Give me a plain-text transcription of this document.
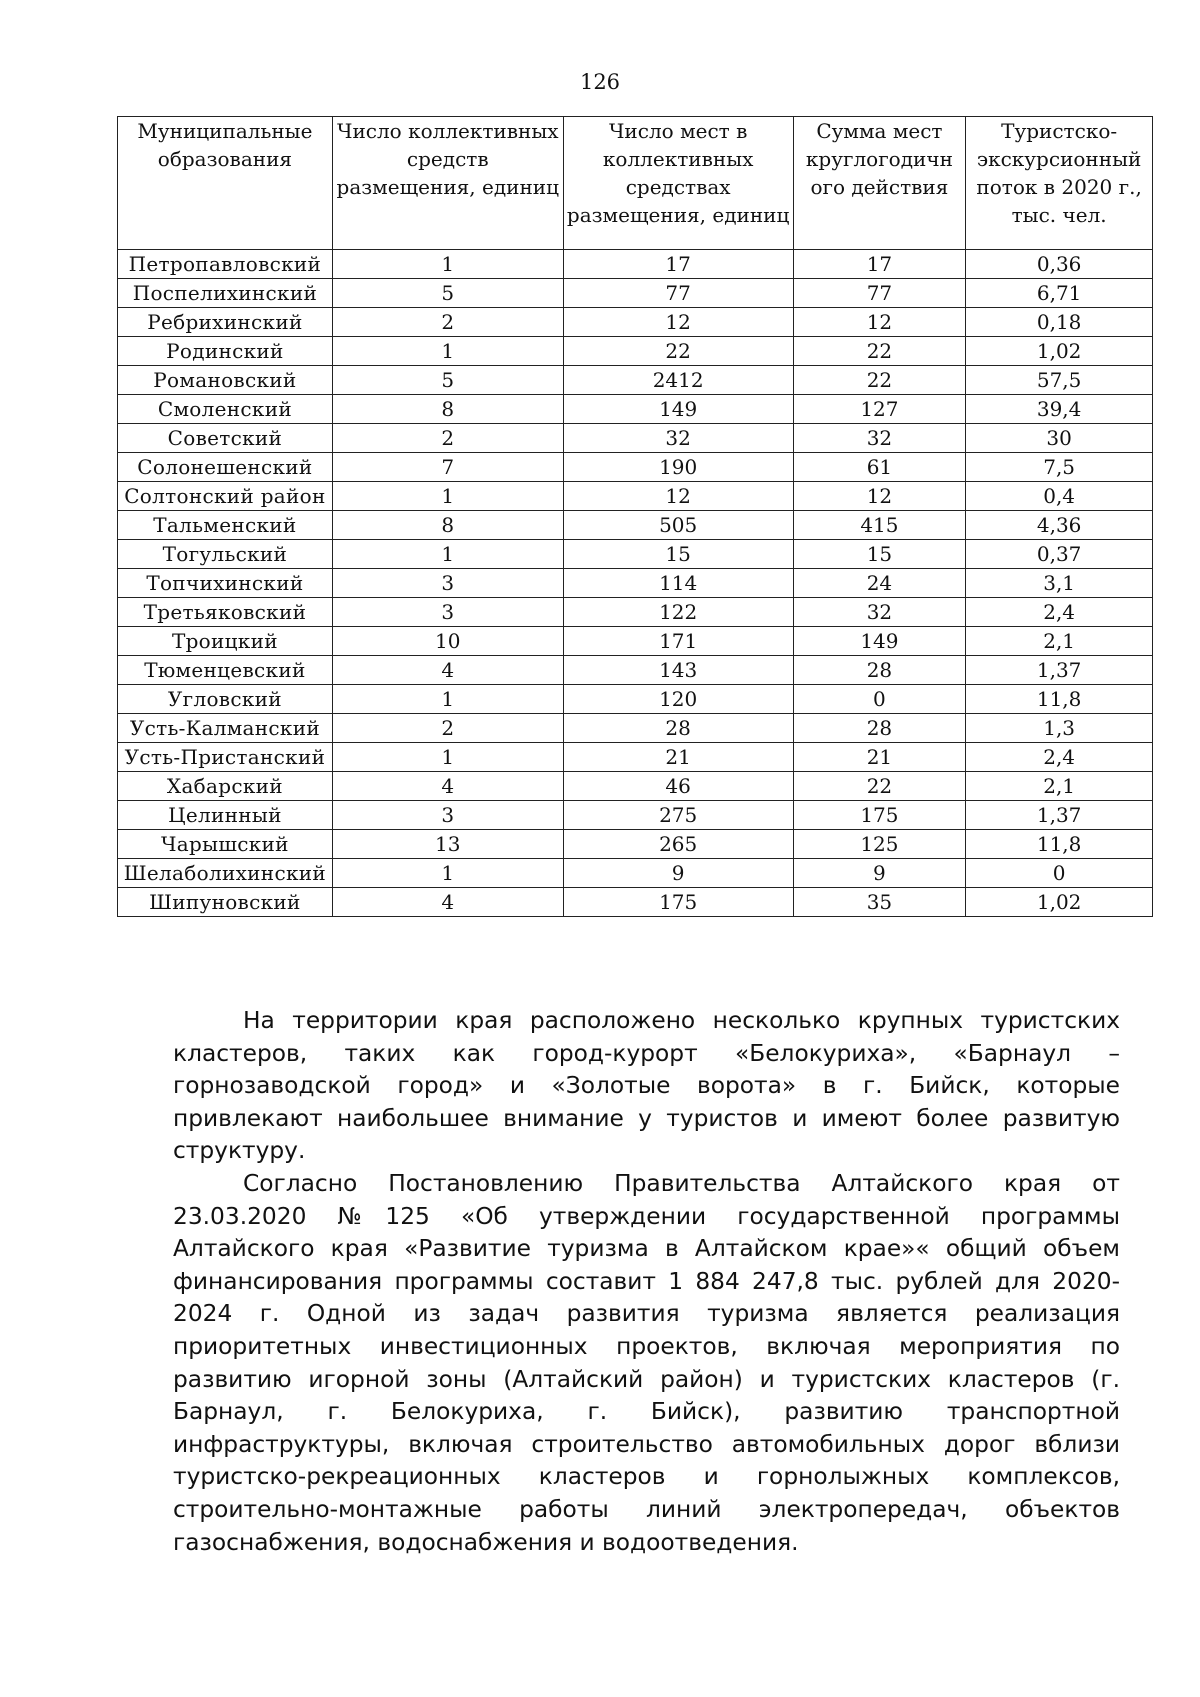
126
Муниципальные образования	Число коллективных средств размещения, единиц	Число мест в коллективных средствах размещения, единиц	Сумма мест круглогодичн ого действия	Туристско-экскурсионный поток в 2020 г., тыс. чел.
Петропавловский	1	17	17	0,36
Поспелихинский	5	77	77	6,71
Ребрихинский	2	12	12	0,18
Родинский	1	22	22	1,02
Романовский	5	2412	22	57,5
Смоленский	8	149	127	39,4
Советский	2	32	32	30
Солонешенский	7	190	61	7,5
Солтонский район	1	12	12	0,4
Тальменский	8	505	415	4,36
Тогульский	1	15	15	0,37
Топчихинский	3	114	24	3,1
Третьяковский	3	122	32	2,4
Троицкий	10	171	149	2,1
Тюменцевский	4	143	28	1,37
Угловский	1	120	0	11,8
Усть-Калманский	2	28	28	1,3
Усть-Пристанский	1	21	21	2,4
Хабарский	4	46	22	2,1
Целинный	3	275	175	1,37
Чарышский	13	265	125	11,8
Шелаболихинский	1	9	9	0
Шипуновский	4	175	35	1,02

На территории края расположено несколько крупных туристских кластеров, таких как город-курорт «Белокуриха», «Барнаул – горнозаводской город» и «Золотые ворота» в г. Бийск, которые привлекают наибольшее внимание у туристов и имеют более развитую структуру.

Согласно Постановлению Правительства Алтайского края от 23.03.2020 №125 «Об утверждении государственной программы Алтайского края «Развитие туризма в Алтайском крае»« общий объем финансирования программы составит 1 884 247,8 тыс. рублей для 2020-2024 г. Одной из задач развития туризма является реализация приоритетных инвестиционных проектов, включая мероприятия по развитию игорной зоны (Алтайский район) и туристских кластеров (г. Барнаул, г. Белокуриха, г. Бийск), развитию транспортной инфраструктуры, включая строительство автомобильных дорог вблизи туристско-рекреационных кластеров и горнолыжных комплексов, строительно-монтажные работы линий электропередач, объектов газоснабжения, водоснабжения и водоотведения.
